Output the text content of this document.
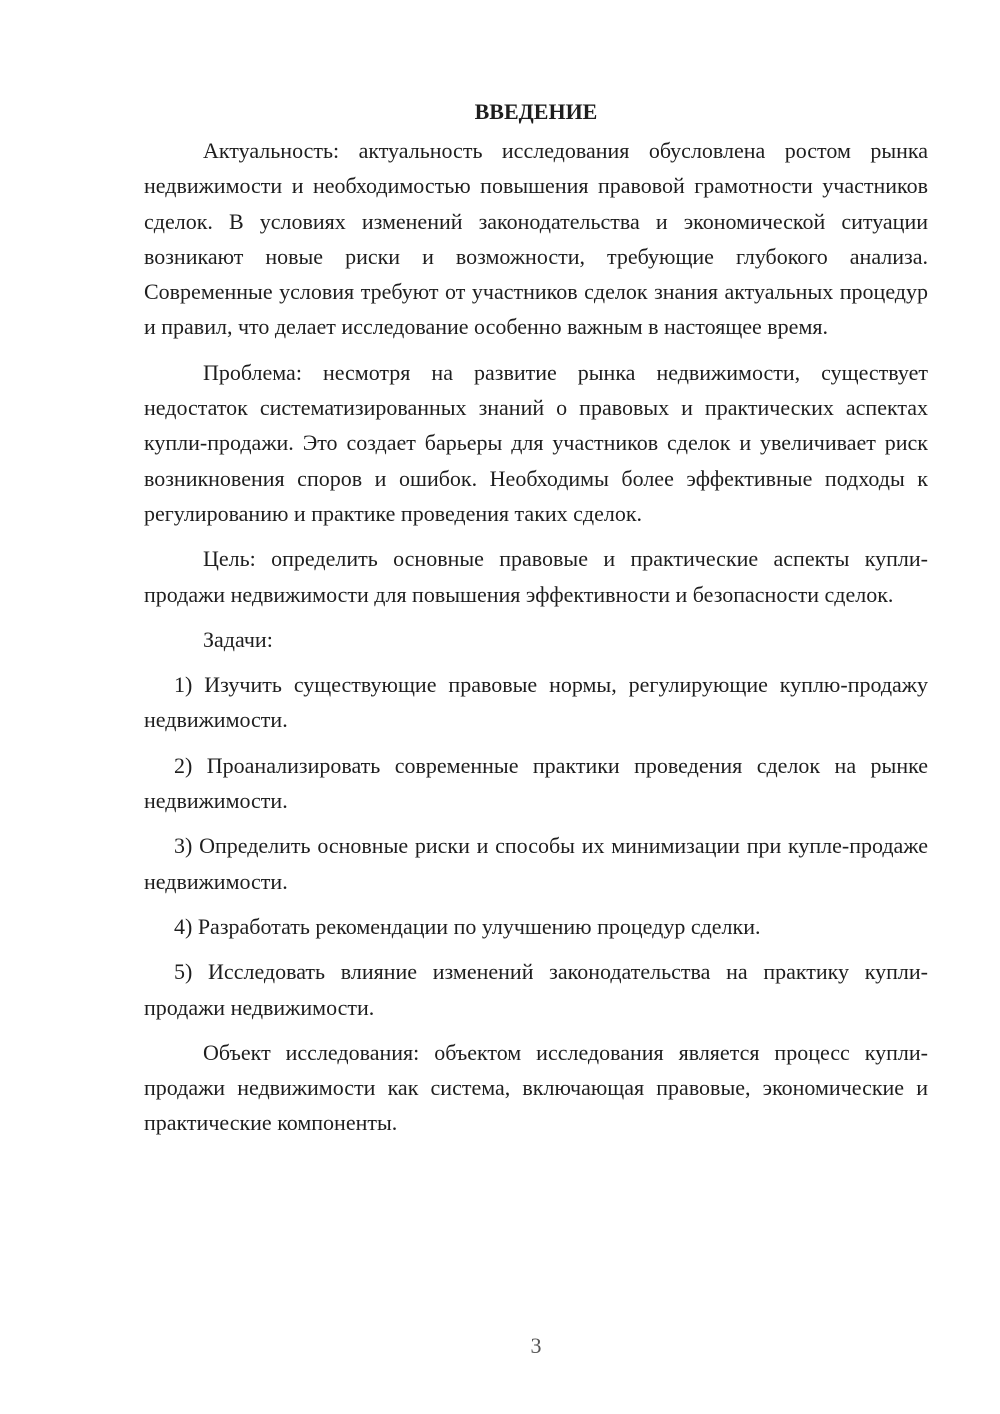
ВВЕДЕНИЕ

Актуальность: актуальность исследования обусловлена ростом рынка недвижимости и необходимостью повышения правовой грамотности участников сделок. В условиях изменений законодательства и экономической ситуации возникают новые риски и возможности, требующие глубокого анализа. Современные условия требуют от участников сделок знания актуальных процедур и правил, что делает исследование особенно важным в настоящее время.

Проблема: несмотря на развитие рынка недвижимости, существует недостаток систематизированных знаний о правовых и практических аспектах купли-продажи. Это создает барьеры для участников сделок и увеличивает риск возникновения споров и ошибок. Необходимы более эффективные подходы к регулированию и практике проведения таких сделок.

Цель: определить основные правовые и практические аспекты купли-продажи недвижимости для повышения эффективности и безопасности сделок.

Задачи:

1) Изучить существующие правовые нормы, регулирующие куплю-продажу недвижимости.

2) Проанализировать современные практики проведения сделок на рынке недвижимости.

3) Определить основные риски и способы их минимизации при купле-продаже недвижимости.

4) Разработать рекомендации по улучшению процедур сделки.

5) Исследовать влияние изменений законодательства на практику купли-продажи недвижимости.

Объект исследования: объектом исследования является процесс купли-продажи недвижимости как система, включающая правовые, экономические и практические компоненты.

3
